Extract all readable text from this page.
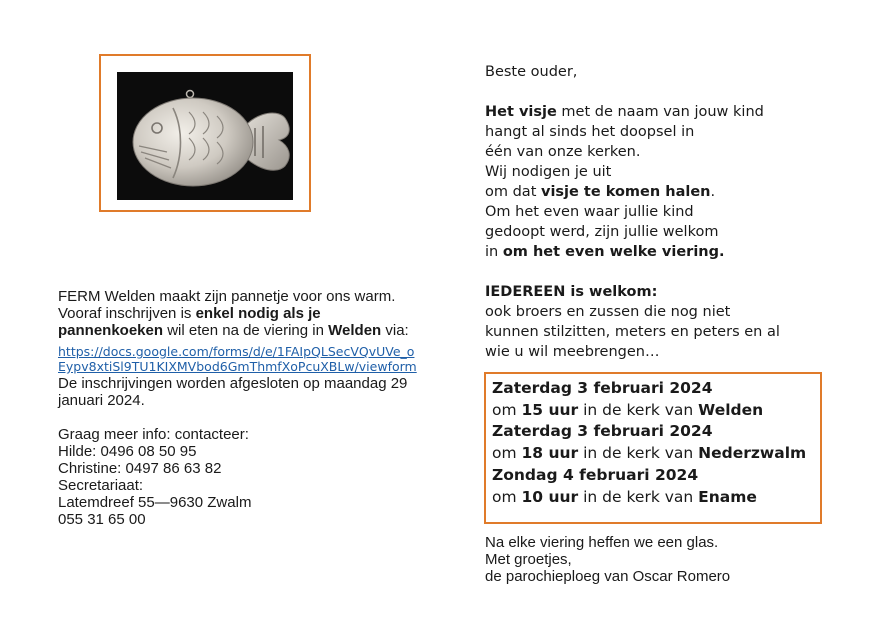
FERM Welden maakt zijn pannetje voor ons warm.

Vooraf inschrijven is enkel nodig als je pannenkoeken wil eten na de viering in Welden via:

https://docs.google.com/forms/d/e/1FAIpQLSecVQvUVe_oEypv8xtiSl9TU1KIXMVbod6GmThmfXoPcuXBLw/viewform

De inschrijvingen worden afgesloten op maandag 29 januari 2024.

Graag meer info: contacteer:

Hilde: 0496 08 50 95

Christine: 0497 86 63 82

Secretariaat:

Latemdreef 55—9630 Zwalm

055 31 65 00

Beste ouder,

Het visje met de naam van jouw kind

hangt al sinds het doopsel in

één van onze kerken.

Wij nodigen je uit

om dat visje te komen halen.

Om het even waar jullie kind

gedoopt werd, zijn jullie welkom

in om het even welke viering.

IEDEREEN is welkom:

ook broers en zussen die nog niet

kunnen stilzitten, meters en peters en al

wie u wil meebrengen…

Zaterdag 3 februari 2024

om 15 uur in de kerk van Welden

Zaterdag 3 februari 2024

om 18 uur in de kerk van Nederzwalm

Zondag 4 februari 2024

om 10 uur in de kerk van Ename

Na elke viering heffen we een glas.

Met groetjes,

de parochieploeg van Oscar Romero
